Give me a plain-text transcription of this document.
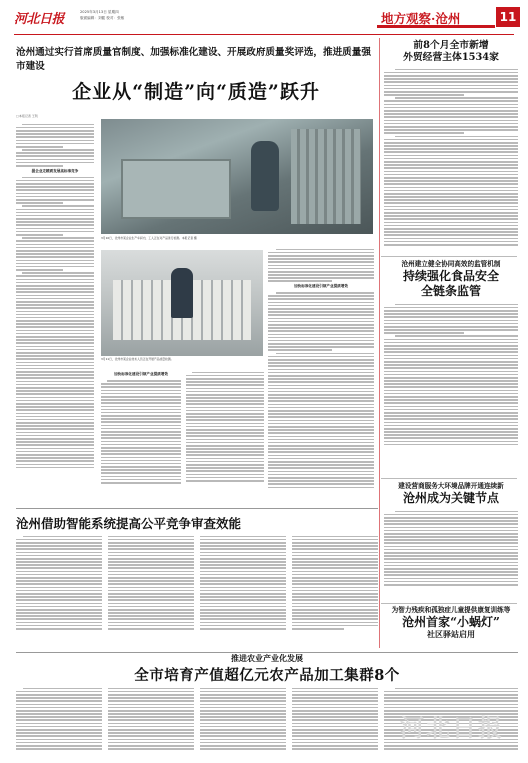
河北日报	2025年3月13日 星期四
版面编辑：刘健 校对：张敏	地方观察·沧州	11
沧州通过实行首席质量官制度、加强标准化建设、开展政府质量奖评选，推进质量强市建设
企业从“制造”向“质造”跃升
□本报记者 王利
据企业走精质发展高标准竞争
3月10日，沧州市某企业生产车间内，工人正在对产品进行检测。本报记者 摄
3月11日，沧州市某企业技术人员正在开展产品质量检测。
加快标准化建设引领产业提质增效
加快标准化建设引领产业提质增效
前8个月全市新增
外贸经营主体1534家
沧州建立健全协同高效的监管机制
持续强化食品安全
全链条监管
建设营商服务大环境品牌开通连续新
沧州成为关键节点
为智力残疾和孤独症儿童提供康复训练等
沧州首家“小蜗灯”
社区驿站启用
沧州借助智能系统提高公平竞争审查效能
推进农业产业化发展
全市培育产值超亿元农产品加工集群8个
河北日报
